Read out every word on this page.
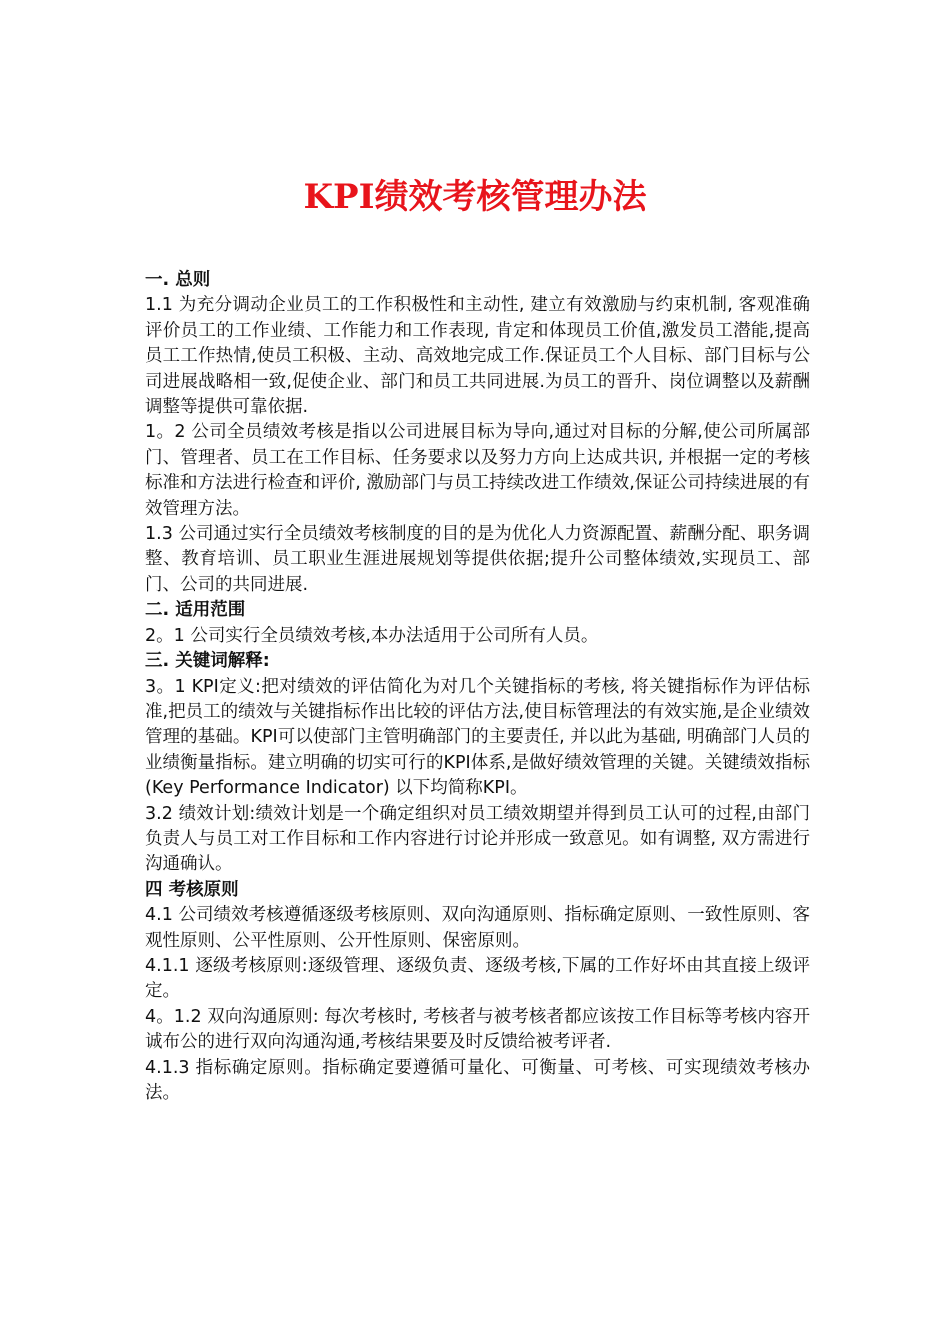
KPI绩效考核管理办法

一. 总则

1.1 为充分调动企业员工的工作积极性和主动性, 建立有效激励与约束机制, 客观准确评价员工的工作业绩、工作能力和工作表现, 肯定和体现员工价值,激发员工潜能,提高员工工作热情,使员工积极、主动、高效地完成工作.保证员工个人目标、部门目标与公司进展战略相一致,促使企业、部门和员工共同进展.为员工的晋升、岗位调整以及薪酬调整等提供可靠依据.

1。2 公司全员绩效考核是指以公司进展目标为导向,通过对目标的分解,使公司所属部门、管理者、员工在工作目标、任务要求以及努力方向上达成共识, 并根据一定的考核标准和方法进行检查和评价, 激励部门与员工持续改进工作绩效,保证公司持续进展的有效管理方法。

1.3 公司通过实行全员绩效考核制度的目的是为优化人力资源配置、薪酬分配、职务调整、教育培训、员工职业生涯进展规划等提供依据;提升公司整体绩效,实现员工、部门、公司的共同进展.

二. 适用范围

2。1 公司实行全员绩效考核,本办法适用于公司所有人员。

三. 关键词解释:

3。1 KPI定义:把对绩效的评估简化为对几个关键指标的考核, 将关键指标作为评估标准,把员工的绩效与关键指标作出比较的评估方法,使目标管理法的有效实施,是企业绩效管理的基础。KPI可以使部门主管明确部门的主要责任, 并以此为基础, 明确部门人员的业绩衡量指标。建立明确的切实可行的KPI体系,是做好绩效管理的关键。关键绩效指标(Key Performance Indicator) 以下均简称KPI。

3.2 绩效计划:绩效计划是一个确定组织对员工绩效期望并得到员工认可的过程,由部门负责人与员工对工作目标和工作内容进行讨论并形成一致意见。如有调整, 双方需进行沟通确认。

四 考核原则

4.1 公司绩效考核遵循逐级考核原则、双向沟通原则、指标确定原则、一致性原则、客观性原则、公平性原则、公开性原则、保密原则。

4.1.1 逐级考核原则:逐级管理、逐级负责、逐级考核,下属的工作好坏由其直接上级评定。

4。1.2 双向沟通原则: 每次考核时, 考核者与被考核者都应该按工作目标等考核内容开诚布公的进行双向沟通沟通,考核结果要及时反馈给被考评者.

4.1.3 指标确定原则。指标确定要遵循可量化、可衡量、可考核、可实现绩效考核办法。
